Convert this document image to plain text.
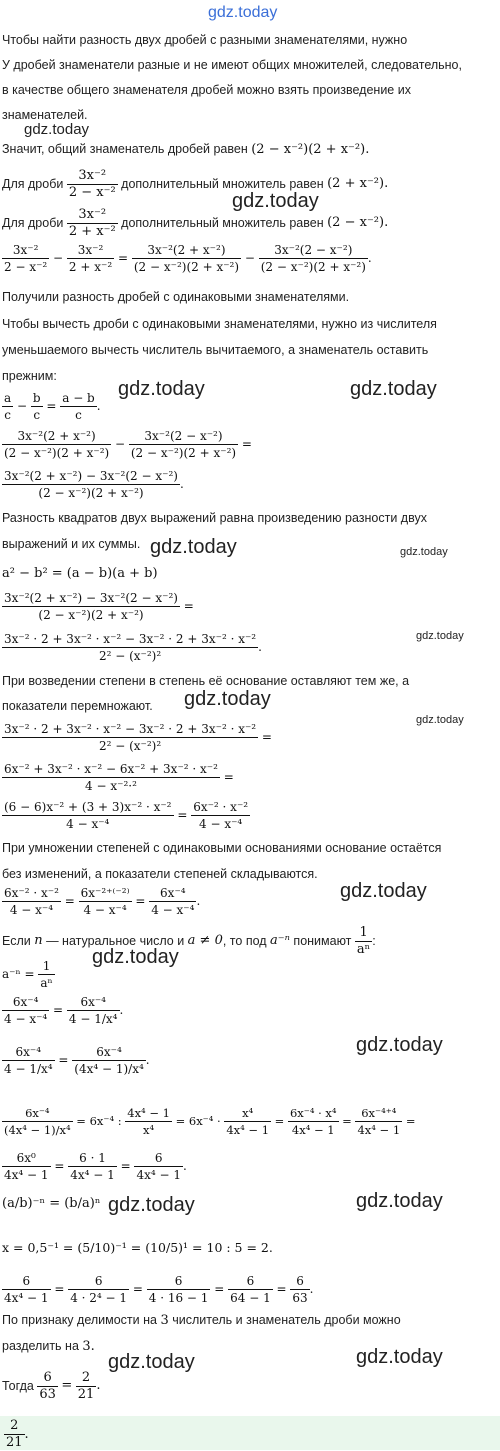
gdz.today
gdz.today
gdz.today
gdz.today	gdz.today
gdz.today	gdz.today
gdz.today
gdz.today
gdz.today
gdz.today
gdz.today
gdz.today
gdz.today	gdz.today
gdz.today	gdz.today
Чтобы найти разность двух дробей с разными знаменателями, нужно
У дробей знаменатели разные и не имеют общих множителей, следовательно,
в качестве общего знаменателя дробей можно взять произведение их
знаменателей.
Значит, общий знаменатель дробей равен (2 − x⁻²)(2 + x⁻²).
Для дроби
$\frac{\text{3x⁻²}}{\text{2 − x⁻²}}$
дополнительный множитель равен
(2 + x⁻²).
Для дроби
$\frac{\text{3x⁻²}}{\text{2 + x⁻²}}$
дополнительный множитель равен
(2 − x⁻²).
$\frac{\text{3x⁻²}}{\text{2 − x⁻²}} - \frac{\text{3x⁻²}}{\text{2 + x⁻²}} = \frac{\text{3x⁻²(2 + x⁻²)}}{\text{(2 − x⁻²)(2 + x⁻²)}} - \frac{\text{3x⁻²(2 − x⁻²)}}{\text{(2 − x⁻²)(2 + x⁻²)}}$ .
Получили разность дробей с одинаковыми знаменателями.
Чтобы вычесть дроби с одинаковыми знаменателями, нужно из числителя
уменьшаемого вычесть числитель вычитаемого, а знаменатель оставить
прежним:
$\frac{a}{c} - \frac{b}{c} = \frac{a - b}{c}$ .
$\frac{\text{3x⁻²(2 + x⁻²)}}{\text{(2 − x⁻²)(2 + x⁻²)}} - \frac{\text{3x⁻²(2 − x⁻²)}}{\text{(2 − x⁻²)(2 + x⁻²)}}$ =
$\frac{\text{3x⁻²(2 + x⁻²) − 3x⁻²(2 − x⁻²)}}{\text{(2 − x⁻²)(2 + x⁻²)}}$ .
Разность квадратов двух выражений равна произведению разности двух
выражений и их суммы.
a² − b² = (a − b)(a + b)
$\frac{\text{3x⁻²(2 + x⁻²) − 3x⁻²(2 − x⁻²)}}{\text{(2 − x⁻²)(2 + x⁻²)}}$ =
$\frac{\text{3x⁻² · 2 + 3x⁻² · x⁻² − 3x⁻² · 2 + 3x⁻² · x⁻²}}{\text{2² − (x⁻²)²}}$ .
При возведении степени в степень её основание оставляют тем же, а
показатели перемножают.
$\frac{\text{3x⁻² · 2 + 3x⁻² · x⁻² − 3x⁻² · 2 + 3x⁻² · x⁻²}}{\text{2² − (x⁻²)²}}$ =
$\frac{\text{6x⁻² + 3x⁻² · x⁻² − 6x⁻² + 3x⁻² · x⁻²}}{\text{4 − x⁻²·²}}$ =
$\frac{\text{(6 − 6)x⁻² + (3 + 3)x⁻² · x⁻²}}{\text{4 − x⁻⁴}} = \frac{\text{6x⁻² · x⁻²}}{\text{4 − x⁻⁴}}$
При умножении степеней с одинаковыми основаниями основание остаётся
без изменений, а показатели степеней складываются.
$\frac{\text{6x⁻² · x⁻²}}{\text{4 − x⁻⁴}} = \frac{\text{6x⁻²⁺⁽⁻²⁾}}{\text{4 − x⁻⁴}} = \frac{\text{6x⁻⁴}}{\text{4 − x⁻⁴}}$ .
Если
n
— натуральное число и
a ≠ 0 , то под
a⁻ⁿ
понимают
$\frac{1}{\text{aⁿ}}$ :
a⁻ⁿ =
$\frac{1}{\text{aⁿ}}$
$\frac{\text{6x⁻⁴}}{\text{4 − x⁻⁴}} = \frac{\text{6x⁻⁴}}{\text{4 − 1/x⁴}}$ .
$\frac{\text{6x⁻⁴}}{\text{4 − 1/x⁴}} = \frac{\text{6x⁻⁴}}{\text{(4x⁴ − 1)/x⁴}}$ .
$\frac{\text{6x⁻⁴}}{\text{(4x⁴ − 1)/x⁴}}$
= 6x⁻⁴ :
$\frac{\text{4x⁴ − 1}}{\text{x⁴}}$
= 6x⁻⁴ ·
$\frac{\text{x⁴}}{\text{4x⁴ − 1}} = \frac{\text{6x⁻⁴ · x⁴}}{\text{4x⁴ − 1}} = \frac{\text{6x⁻⁴⁺⁴}}{\text{4x⁴ − 1}}$ =
$\frac{\text{6x⁰}}{\text{4x⁴ − 1}} = \frac{6 \cdot 1}{\text{4x⁴ − 1}} = \frac{6}{\text{4x⁴ − 1}}$ .
(a/b)⁻ⁿ = (b/a)ⁿ
x = 0,5⁻¹ = (5/10)⁻¹ = (10/5)¹ = 10 : 5 = 2.
$\frac{6}{\text{4x⁴ − 1}} = \frac{6}{\text{4 · 2⁴ − 1}} = \frac{6}{4 \cdot 16 - 1} = \frac{6}{64 - 1} = \frac{6}{63}$ .
По признаку делимости на 3 числитель и знаменатель дроби можно
разделить на 3.
Тогда
$\frac{6}{63}$
=
$\frac{2}{21}$ .
$\frac{2}{21}$ .
